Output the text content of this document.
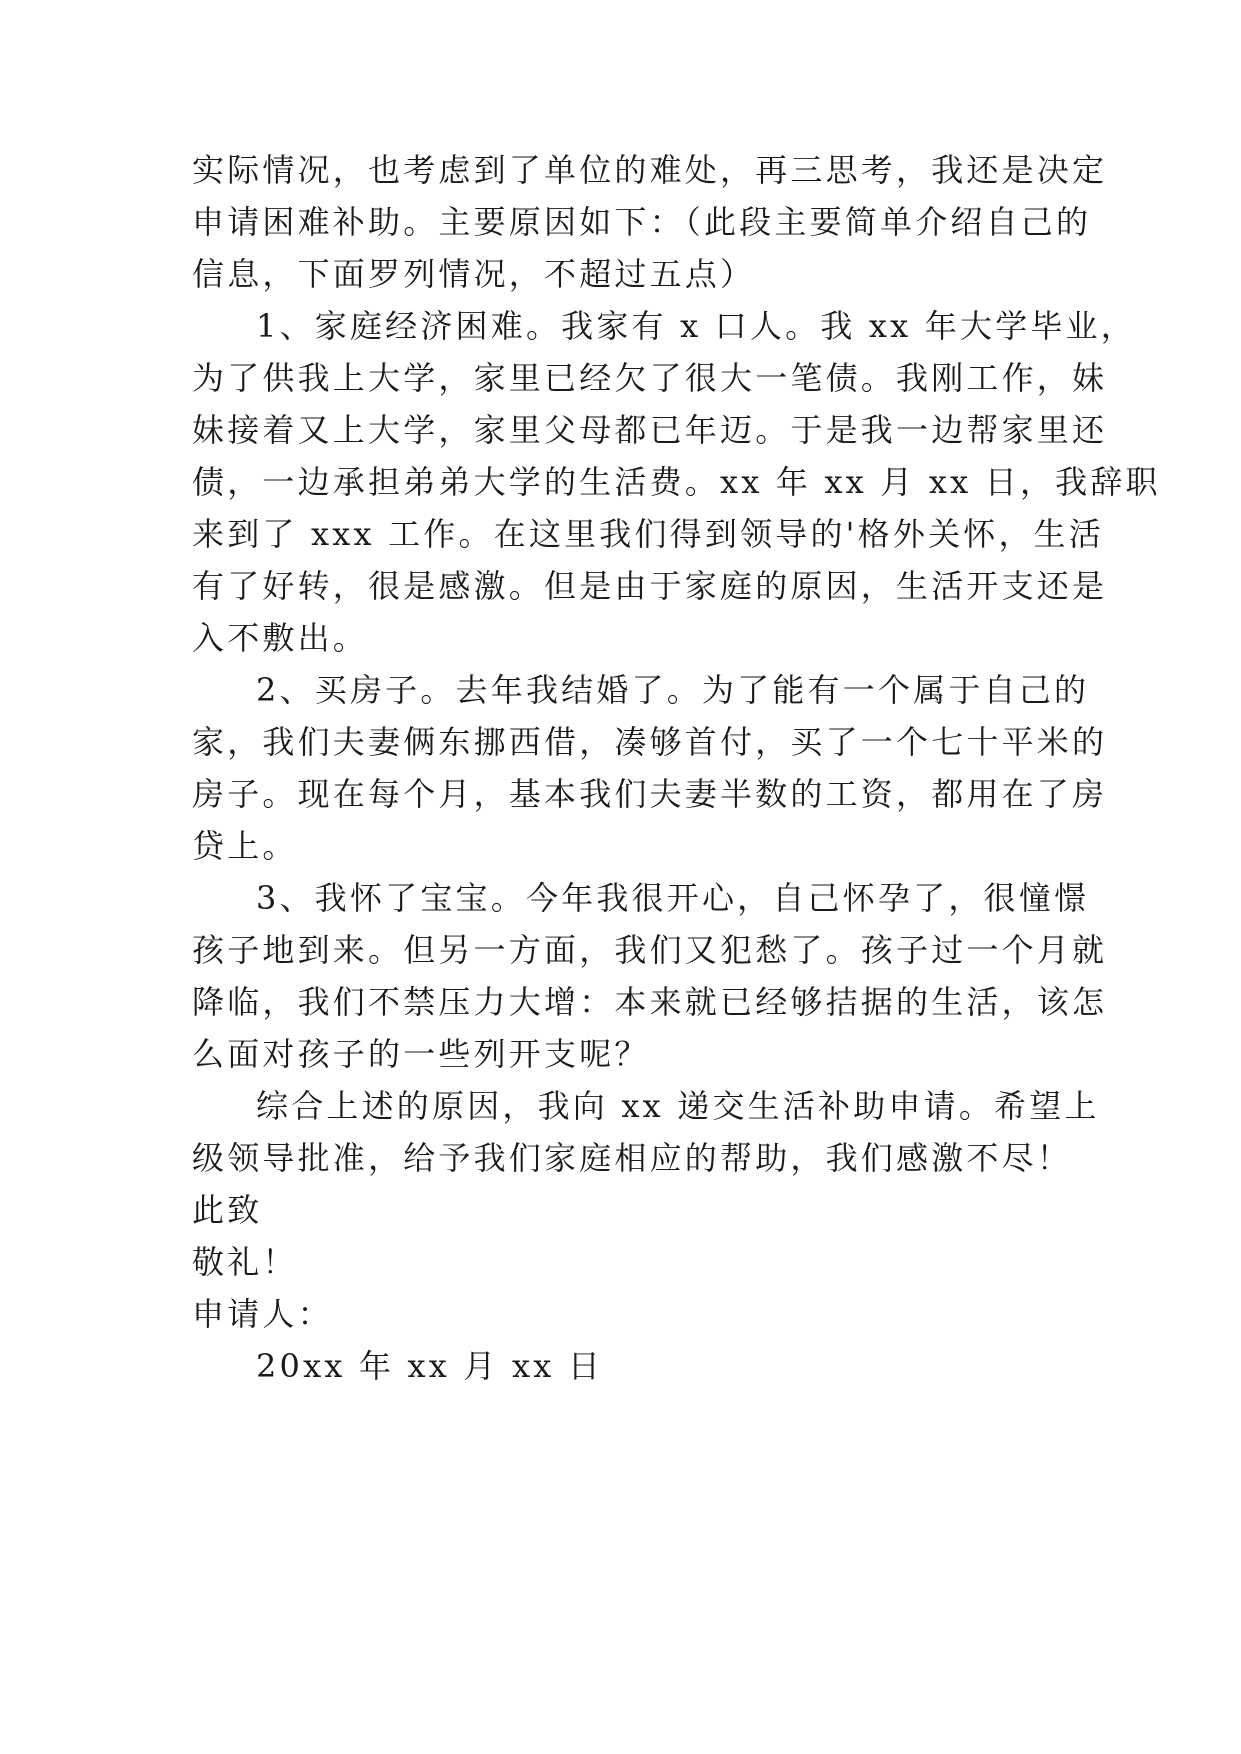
实际情况，也考虑到了单位的难处，再三思考，我还是决定
申请困难补助。主要原因如下：（此段主要简单介绍自己的
信息，下面罗列情况，不超过五点）
1、家庭经济困难。我家有 x 口人。我 xx 年大学毕业，
为了供我上大学，家里已经欠了很大一笔债。我刚工作，妹
妹接着又上大学，家里父母都已年迈。于是我一边帮家里还
债，一边承担弟弟大学的生活费。xx 年 xx 月 xx 日，我辞职
来到了 xxx 工作。在这里我们得到领导的'格外关怀，生活
有了好转，很是感激。但是由于家庭的原因，生活开支还是
入不敷出。
2、买房子。去年我结婚了。为了能有一个属于自己的
家，我们夫妻俩东挪西借，凑够首付，买了一个七十平米的
房子。现在每个月，基本我们夫妻半数的工资，都用在了房
贷上。
3、我怀了宝宝。今年我很开心，自己怀孕了，很憧憬
孩子地到来。但另一方面，我们又犯愁了。孩子过一个月就
降临，我们不禁压力大增：本来就已经够拮据的生活，该怎
么面对孩子的一些列开支呢？
综合上述的原因，我向 xx 递交生活补助申请。希望上
级领导批准，给予我们家庭相应的帮助，我们感激不尽！
此致
敬礼！
申请人：
20xx 年 xx 月 xx 日
